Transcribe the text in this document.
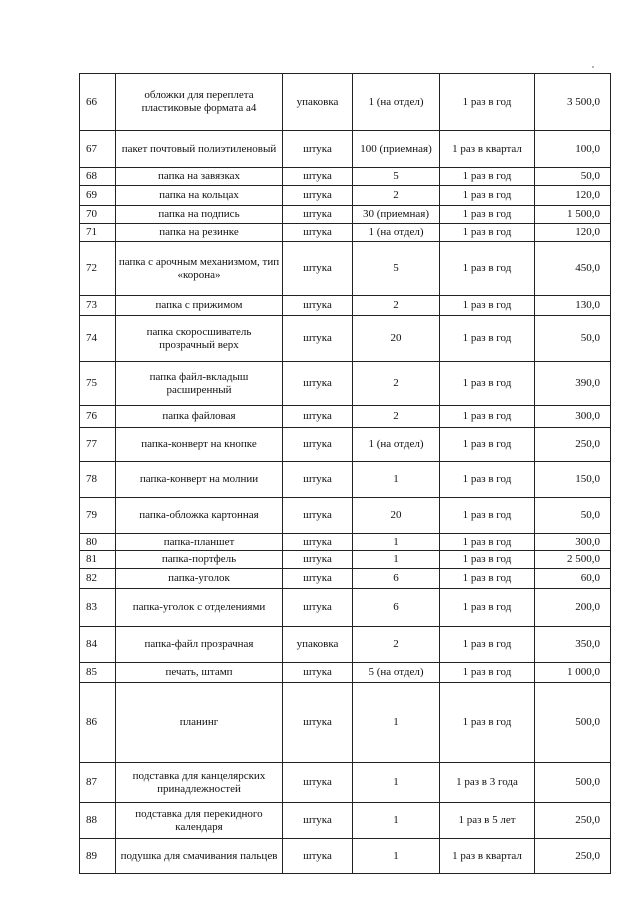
66	обложки для переплета пластиковые формата а4	упаковка	1 (на отдел)	1 раз в год	3 500,0
67	пакет почтовый полиэтиленовый	штука	100 (приемная)	1 раз в квартал	100,0
68	папка на завязках	штука	5	1 раз в год	50,0
69	папка на кольцах	штука	2	1 раз в год	120,0
70	папка на подпись	штука	30 (приемная)	1 раз в год	1 500,0
71	папка на резинке	штука	1 (на отдел)	1 раз в год	120,0
72	папка с арочным механизмом, тип «корона»	штука	5	1 раз в год	450,0
73	папка с прижимом	штука	2	1 раз в год	130,0
74	папка скоросшиватель прозрачный верх	штука	20	1 раз в год	50,0
75	папка файл-вкладыш расширенный	штука	2	1 раз в год	390,0
76	папка файловая	штука	2	1 раз в год	300,0
77	папка-конверт на кнопке	штука	1 (на отдел)	1 раз в год	250,0
78	папка-конверт на молнии	штука	1	1 раз в год	150,0
79	папка-обложка картонная	штука	20	1 раз в год	50,0
80	папка-планшет	штука	1	1 раз в год	300,0
81	папка-портфель	штука	1	1 раз в год	2 500,0
82	папка-уголок	штука	6	1 раз в год	60,0
83	папка-уголок с отделениями	штука	6	1 раз в год	200,0
84	папка-файл прозрачная	упаковка	2	1 раз в год	350,0
85	печать, штамп	штука	5 (на отдел)	1 раз в год	1 000,0
86	планинг	штука	1	1 раз в год	500,0
87	подставка для канцелярских принадлежностей	штука	1	1 раз в 3 года	500,0
88	подставка для перекидного календаря	штука	1	1 раз в 5 лет	250,0
89	подушка для смачивания пальцев	штука	1	1 раз в квартал	250,0
